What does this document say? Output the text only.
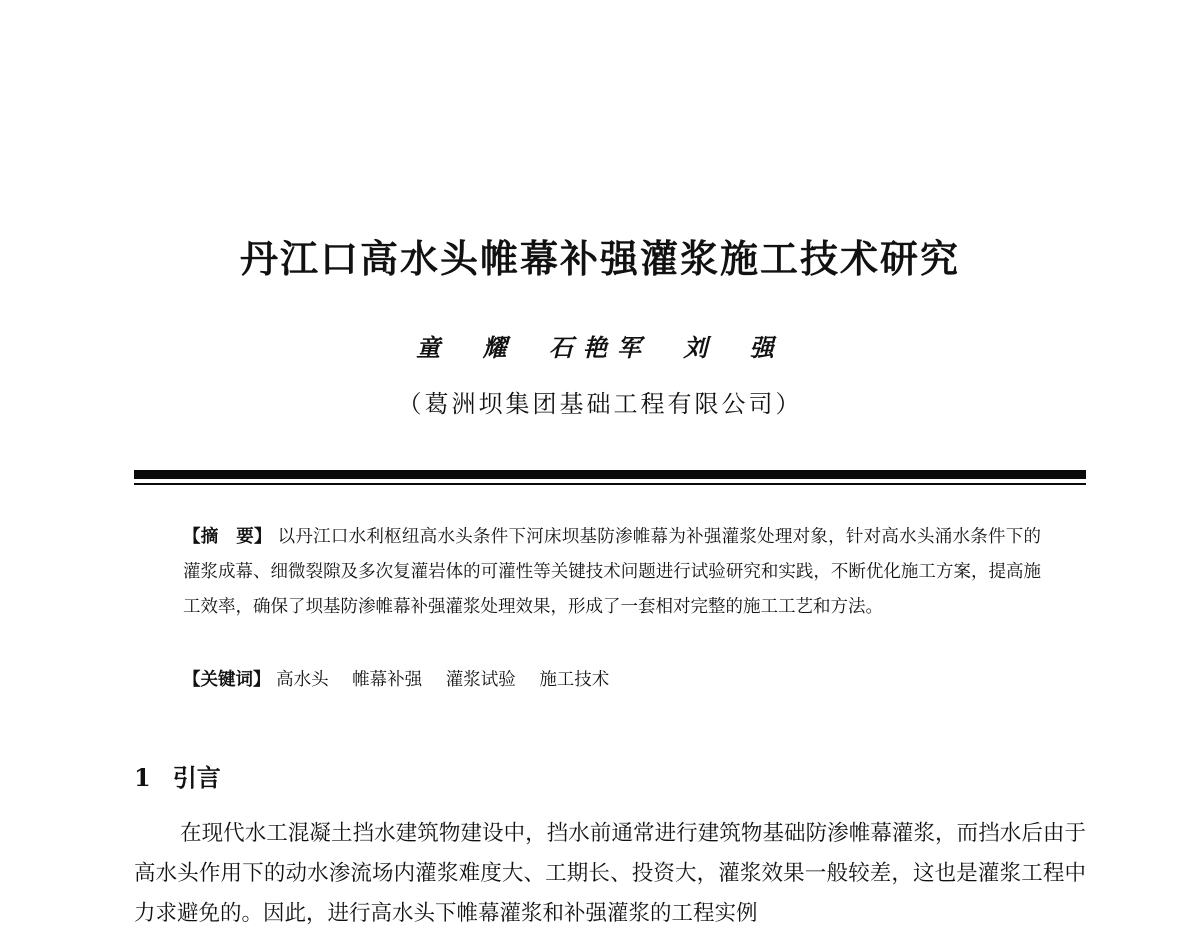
丹江口高水头帷幕补强灌浆施工技术研究
童 耀 石艳军 刘 强
（葛洲坝集团基础工程有限公司）

【摘　要】 以丹江口水利枢纽高水头条件下河床坝基防渗帷幕为补强灌浆处理对象，针对高水头涌水条件下的灌浆成幕、细微裂隙及多次复灌岩体的可灌性等关键技术问题进行试验研究和实践，不断优化施工方案，提高施工效率，确保了坝基防渗帷幕补强灌浆处理效果，形成了一套相对完整的施工工艺和方法。

【关键词】 高水头 帷幕补强 灌浆试验 施工技术
1 引言

在现代水工混凝土挡水建筑物建设中，挡水前通常进行建筑物基础防渗帷幕灌浆，而挡水后由于高水头作用下的动水渗流场内灌浆难度大、工期长、投资大，灌浆效果一般较差，这也是灌浆工程中力求避免的。因此，进行高水头下帷幕灌浆和补强灌浆的工程实例
